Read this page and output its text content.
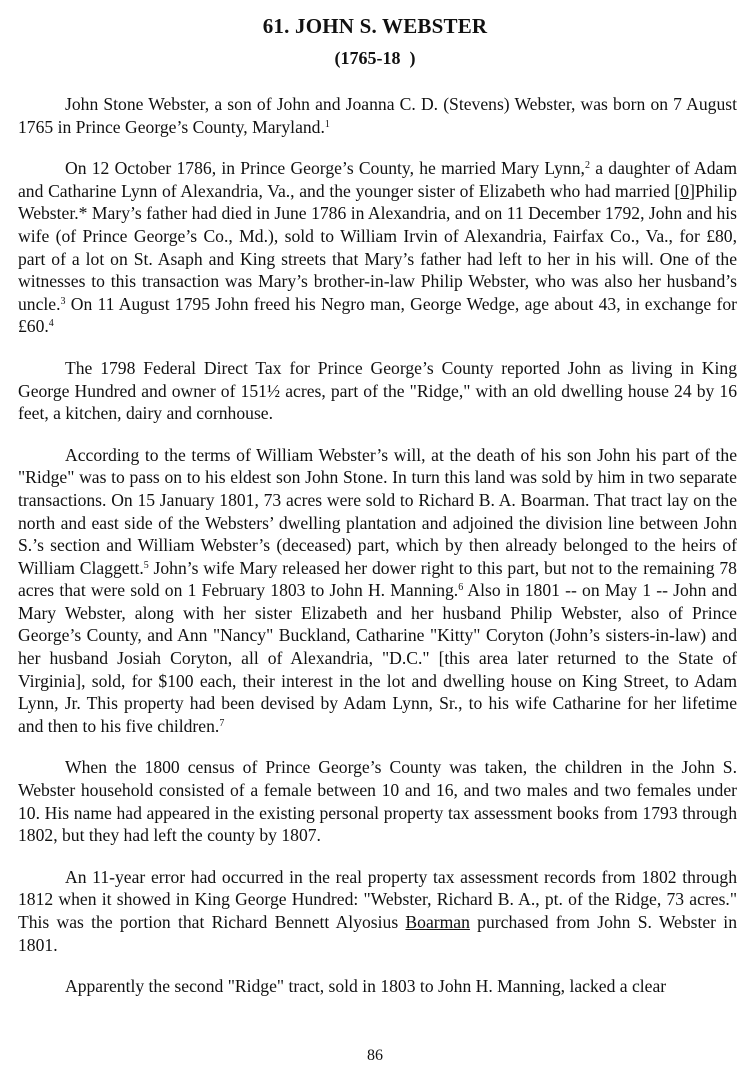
61. JOHN S. WEBSTER
(1765-18  )

John Stone Webster, a son of John and Joanna C. D. (Stevens) Webster, was born on 7 August 1765 in Prince George’s County, Maryland.$^1$

On 12 October 1786, in Prince George’s County, he married Mary Lynn,$^2$ a daughter of Adam and Catharine Lynn of Alexandria, Va., and the younger sister of Elizabeth who had married [0]Philip Webster.* Mary’s father had died in June 1786 in Alexandria, and on 11 December 1792, John and his wife (of Prince George’s Co., Md.), sold to William Irvin of Alexandria, Fairfax Co., Va., for £80, part of a lot on St. Asaph and King streets that Mary’s father had left to her in his will. One of the witnesses to this transaction was Mary’s brother-in-law Philip Webster, who was also her husband’s uncle.$^3$ On 11 August 1795 John freed his Negro man, George Wedge, age about 43, in exchange for £60.$^4$

The 1798 Federal Direct Tax for Prince George’s County reported John as living in King George Hundred and owner of 151½ acres, part of the "Ridge," with an old dwelling house 24 by 16 feet, a kitchen, dairy and cornhouse.

According to the terms of William Webster’s will, at the death of his son John his part of the "Ridge" was to pass on to his eldest son John Stone. In turn this land was sold by him in two separate transactions. On 15 January 1801, 73 acres were sold to Richard B. A. Boarman. That tract lay on the north and east side of the Websters’ dwelling plantation and adjoined the division line between John S.’s section and William Webster’s (deceased) part, which by then already belonged to the heirs of William Claggett.$^5$ John’s wife Mary released her dower right to this part, but not to the remaining 78 acres that were sold on 1 February 1803 to John H. Manning.$^6$ Also in 1801 -- on May 1 -- John and Mary Webster, along with her sister Elizabeth and her husband Philip Webster, also of Prince George’s County, and Ann "Nancy" Buckland, Catharine "Kitty" Coryton (John’s sisters-in-law) and her husband Josiah Coryton, all of Alexandria, "D.C." [this area later returned to the State of Virginia], sold, for $100 each, their interest in the lot and dwelling house on King Street, to Adam Lynn, Jr. This property had been devised by Adam Lynn, Sr., to his wife Catharine for her lifetime and then to his five children.$^7$

When the 1800 census of Prince George’s County was taken, the children in the John S. Webster household consisted of a female between 10 and 16, and two males and two females under 10. His name had appeared in the existing personal property tax assessment books from 1793 through 1802, but they had left the county by 1807.

An 11-year error had occurred in the real property tax assessment records from 1802 through 1812 when it showed in King George Hundred: "Webster, Richard B. A., pt. of the Ridge, 73 acres." This was the portion that Richard Bennett Alyosius Boarman purchased from John S. Webster in 1801.

Apparently the second "Ridge" tract, sold in 1803 to John H. Manning, lacked a clear

86
